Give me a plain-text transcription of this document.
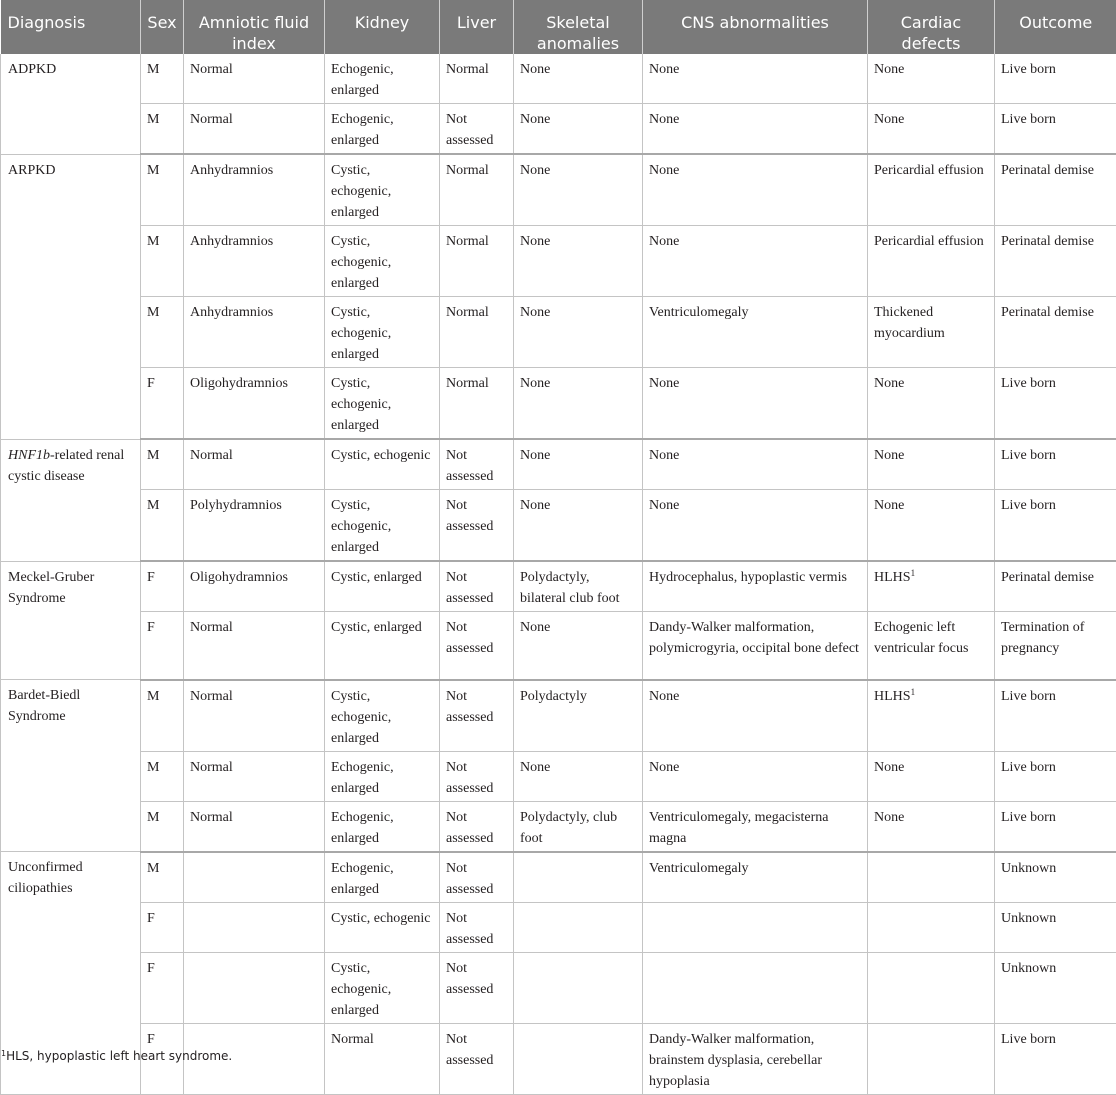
Diagnosis	Sex	Amniotic fluid index	Kidney	Liver	Skeletal anomalies	CNS abnormalities	Cardiac defects	Outcome
ADPKD	M	Normal	Echogenic, enlarged	Normal	None	None	None	Live born
	M	Normal	Echogenic, enlarged	Not assessed	None	None	None	Live born
ARPKD	M	Anhydramnios	Cystic, echogenic, enlarged	Normal	None	None	Pericardial effusion	Perinatal demise
	M	Anhydramnios	Cystic, echogenic, enlarged	Normal	None	None	Pericardial effusion	Perinatal demise
	M	Anhydramnios	Cystic, echogenic, enlarged	Normal	None	Ventriculomegaly	Thickened myocardium	Perinatal demise
	F	Oligohydramnios	Cystic, echogenic, enlarged	Normal	None	None	None	Live born
HNF1b-related renal cystic disease	M	Normal	Cystic, echogenic	Not assessed	None	None	None	Live born
	M	Polyhydramnios	Cystic, echogenic, enlarged	Not assessed	None	None	None	Live born
Meckel-Gruber Syndrome	F	Oligohydramnios	Cystic, enlarged	Not assessed	Polydactyly, bilateral club foot	Hydrocephalus, hypoplastic vermis	HLHS$^1$	Perinatal demise
	F	Normal	Cystic, enlarged	Not assessed	None	Dandy-Walker malformation, polymicrogyria, occipital bone defect	Echogenic left ventricular focus	Termination of pregnancy
Bardet-Biedl Syndrome	M	Normal	Cystic, echogenic, enlarged	Not assessed	Polydactyly	None	HLHS$^1$	Live born
	M	Normal	Echogenic, enlarged	Not assessed	None	None	None	Live born
	M	Normal	Echogenic, enlarged	Not assessed	Polydactyly, club foot	Ventriculomegaly, megacisterna magna	None	Live born
Unconfirmed ciliopathies	M		Echogenic, enlarged	Not assessed		Ventriculomegaly		Unknown
	F		Cystic, echogenic	Not assessed				Unknown
	F		Cystic, echogenic, enlarged	Not assessed				Unknown
	F		Normal	Not assessed		Dandy-Walker malformation, brainstem dysplasia, cerebellar hypoplasia		Live born

$^1$HLS, hypoplastic left heart syndrome.
